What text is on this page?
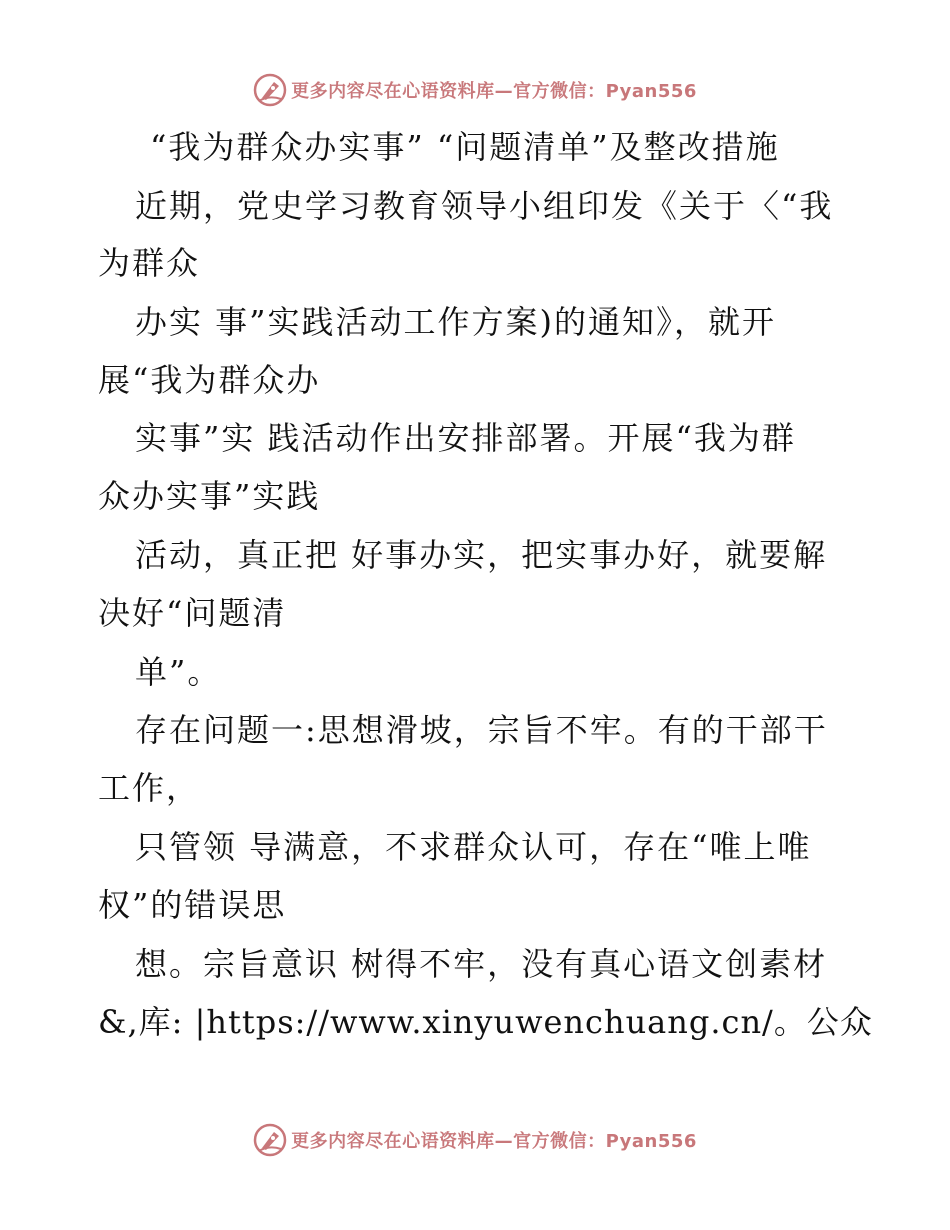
更多内容尽在心语资料库—官方微信：Pyan556

“我为群众办实事” “问题清单”及整改措施

近期，党史学习教育领导小组印发《关于〈“我

为群众

办实 事”实践活动工作方案)的通知》，就开

展“我为群众办

实事”实 践活动作出安排部署。开展“我为群

众办实事”实践

活动，真正把 好事办实，把实事办好，就要解

决好“问题清

单”。

存在问题一:思想滑坡，宗旨不牢。有的干部干

工作，

只管领 导满意，不求群众认可，存在“唯上唯

权”的错误思

想。宗旨意识 树得不牢，没有真心语文创素材

&,库: |https://www.xinyuwenchuang.cn/。公众

更多内容尽在心语资料库—官方微信：Pyan556
